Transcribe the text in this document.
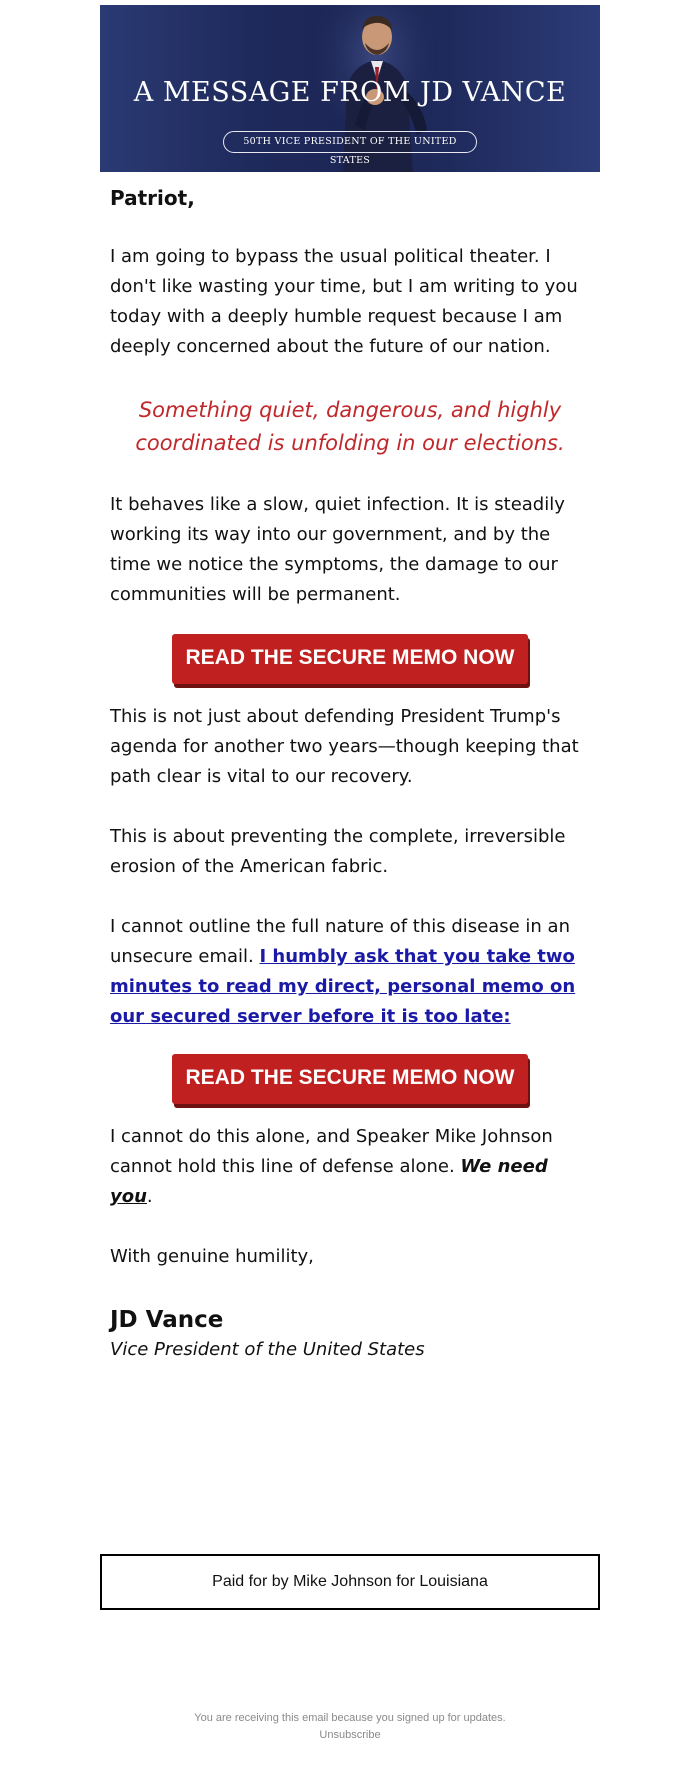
A MESSAGE FROM JD VANCE
50TH VICE PRESIDENT OF THE UNITED STATES
Patriot,

I am going to bypass the usual political theater. I don't like wasting your time, but I am writing to you today with a deeply humble request because I am deeply concerned about the future of our nation.

Something quiet, dangerous, and highly coordinated is unfolding in our elections.

It behaves like a slow, quiet infection. It is steadily working its way into our government, and by the time we notice the symptoms, the damage to our communities will be permanent.

READ THE SECURE MEMO NOW

This is not just about defending President Trump's agenda for another two years—though keeping that path clear is vital to our recovery.

This is about preventing the complete, irreversible erosion of the American fabric.

I cannot outline the full nature of this disease in an unsecure email. I humbly ask that you take two minutes to read my direct, personal memo on our secured server before it is too late:

READ THE SECURE MEMO NOW

I cannot do this alone, and Speaker Mike Johnson cannot hold this line of defense alone. We need you.

With genuine humility,

JD Vance
Vice President of the United States
Paid for by Mike Johnson for Louisiana
You are receiving this email because you signed up for updates.
Unsubscribe
